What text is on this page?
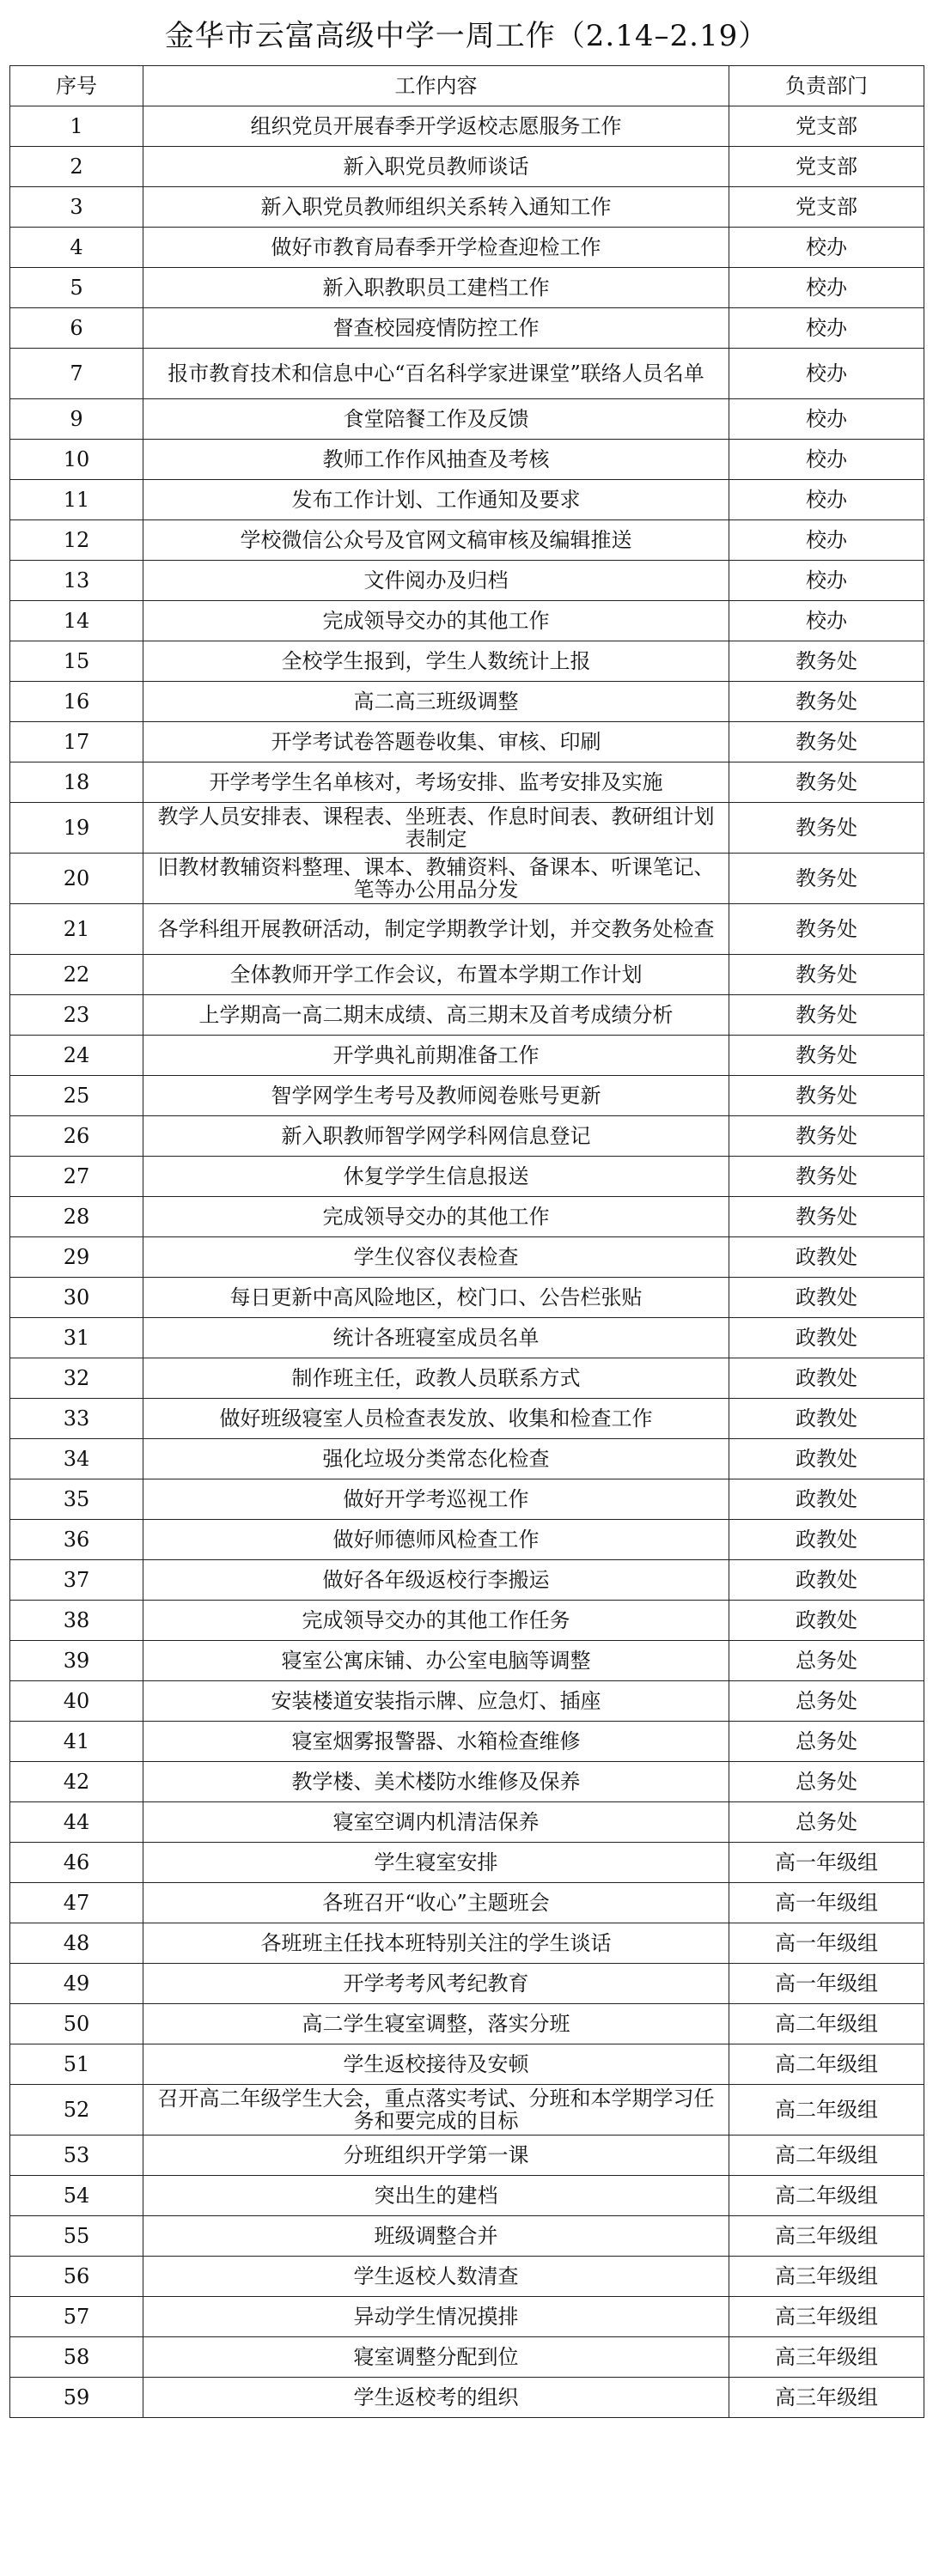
金华市云富高级中学一周工作（2.14–2.19）
序号	工作内容	负责部门
1	组织党员开展春季开学返校志愿服务工作	党支部
2	新入职党员教师谈话	党支部
3	新入职党员教师组织关系转入通知工作	党支部
4	做好市教育局春季开学检查迎检工作	校办
5	新入职教职员工建档工作	校办
6	督查校园疫情防控工作	校办
7	报市教育技术和信息中心“百名科学家进课堂”联络人员名单	校办
9	食堂陪餐工作及反馈	校办
10	教师工作作风抽查及考核	校办
11	发布工作计划、工作通知及要求	校办
12	学校微信公众号及官网文稿审核及编辑推送	校办
13	文件阅办及归档	校办
14	完成领导交办的其他工作	校办
15	全校学生报到，学生人数统计上报	教务处
16	高二高三班级调整	教务处
17	开学考试卷答题卷收集、审核、印刷	教务处
18	开学考学生名单核对，考场安排、监考安排及实施	教务处
19	教学人员安排表、课程表、坐班表、作息时间表、教研组计划表制定	教务处
20	旧教材教辅资料整理、课本、教辅资料、备课本、听课笔记、笔等办公用品分发	教务处
21	各学科组开展教研活动，制定学期教学计划，并交教务处检查	教务处
22	全体教师开学工作会议，布置本学期工作计划	教务处
23	上学期高一高二期末成绩、高三期末及首考成绩分析	教务处
24	开学典礼前期准备工作	教务处
25	智学网学生考号及教师阅卷账号更新	教务处
26	新入职教师智学网学科网信息登记	教务处
27	休复学学生信息报送	教务处
28	完成领导交办的其他工作	教务处
29	学生仪容仪表检查	政教处
30	每日更新中高风险地区，校门口、公告栏张贴	政教处
31	统计各班寝室成员名单	政教处
32	制作班主任，政教人员联系方式	政教处
33	做好班级寝室人员检查表发放、收集和检查工作	政教处
34	强化垃圾分类常态化检查	政教处
35	做好开学考巡视工作	政教处
36	做好师德师风检查工作	政教处
37	做好各年级返校行李搬运	政教处
38	完成领导交办的其他工作任务	政教处
39	寝室公寓床铺、办公室电脑等调整	总务处
40	安装楼道安装指示牌、应急灯、插座	总务处
41	寝室烟雾报警器、水箱检查维修	总务处
42	教学楼、美术楼防水维修及保养	总务处
44	寝室空调内机清洁保养	总务处
46	学生寝室安排	高一年级组
47	各班召开“收心”主题班会	高一年级组
48	各班班主任找本班特别关注的学生谈话	高一年级组
49	开学考考风考纪教育	高一年级组
50	高二学生寝室调整，落实分班	高二年级组
51	学生返校接待及安顿	高二年级组
52	召开高二年级学生大会，重点落实考试、分班和本学期学习任务和要完成的目标	高二年级组
53	分班组织开学第一课	高二年级组
54	突出生的建档	高二年级组
55	班级调整合并	高三年级组
56	学生返校人数清查	高三年级组
57	异动学生情况摸排	高三年级组
58	寝室调整分配到位	高三年级组
59	学生返校考的组织	高三年级组
